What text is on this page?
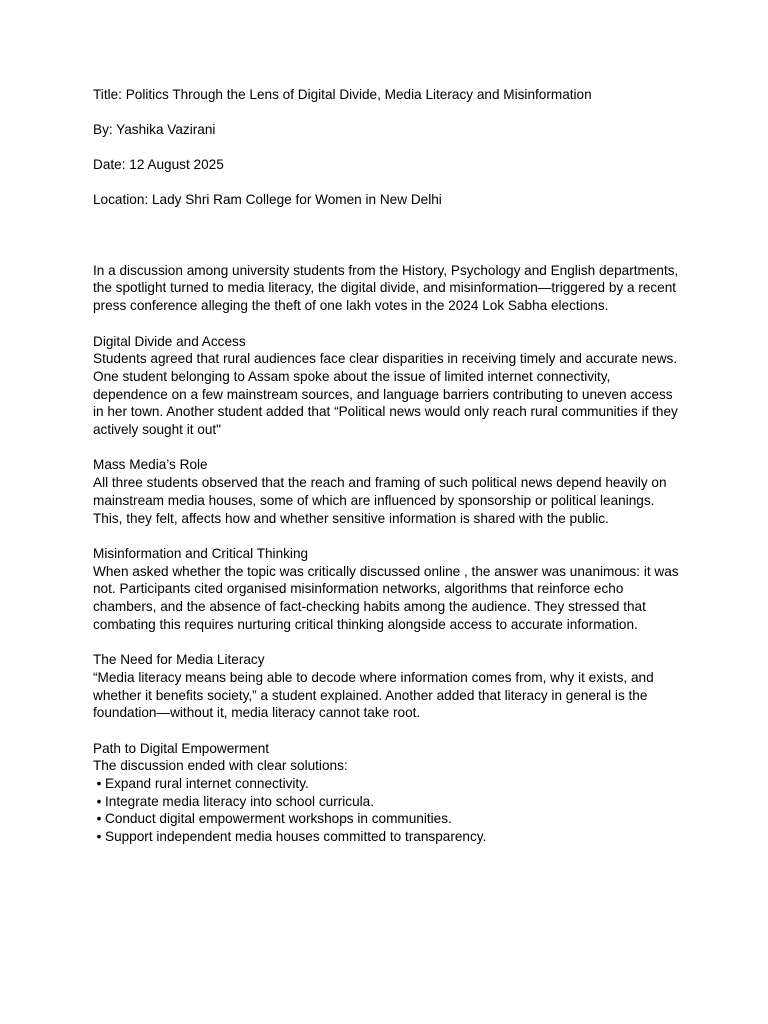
Title: Politics Through the Lens of Digital Divide, Media Literacy and Misinformation
By: Yashika Vazirani
Date: 12 August 2025
Location: Lady Shri Ram College for Women in New Delhi

In a discussion among university students from the History, Psychology and English departments, the spotlight turned to media literacy, the digital divide, and misinformation—triggered by a recent press conference alleging the theft of one lakh votes in the 2024 Lok Sabha elections.

Digital Divide and Access

Students agreed that rural audiences face clear disparities in receiving timely and accurate news. One student belonging to Assam spoke about the issue of limited internet connectivity, dependence on a few mainstream sources, and language barriers contributing to uneven access in her town. Another student added that “Political news would only reach rural communities if they actively sought it out"

Mass Media’s Role

All three students observed that the reach and framing of such political news depend heavily on mainstream media houses, some of which are influenced by sponsorship or political leanings. This, they felt, affects how and whether sensitive information is shared with the public.

Misinformation and Critical Thinking

When asked whether the topic was critically discussed online , the answer was unanimous: it was not. Participants cited organised misinformation networks, algorithms that reinforce echo chambers, and the absence of fact-checking habits among the audience. They stressed that combating this requires nurturing critical thinking alongside access to accurate information.

The Need for Media Literacy

“Media literacy means being able to decode where information comes from, why it exists, and whether it benefits society,” a student explained. Another added that literacy in general is the foundation—without it, media literacy cannot take root.

Path to Digital Empowerment

The discussion ended with clear solutions:

• Expand rural internet connectivity.
• Integrate media literacy into school curricula.
• Conduct digital empowerment workshops in communities.
• Support independent media houses committed to transparency.
